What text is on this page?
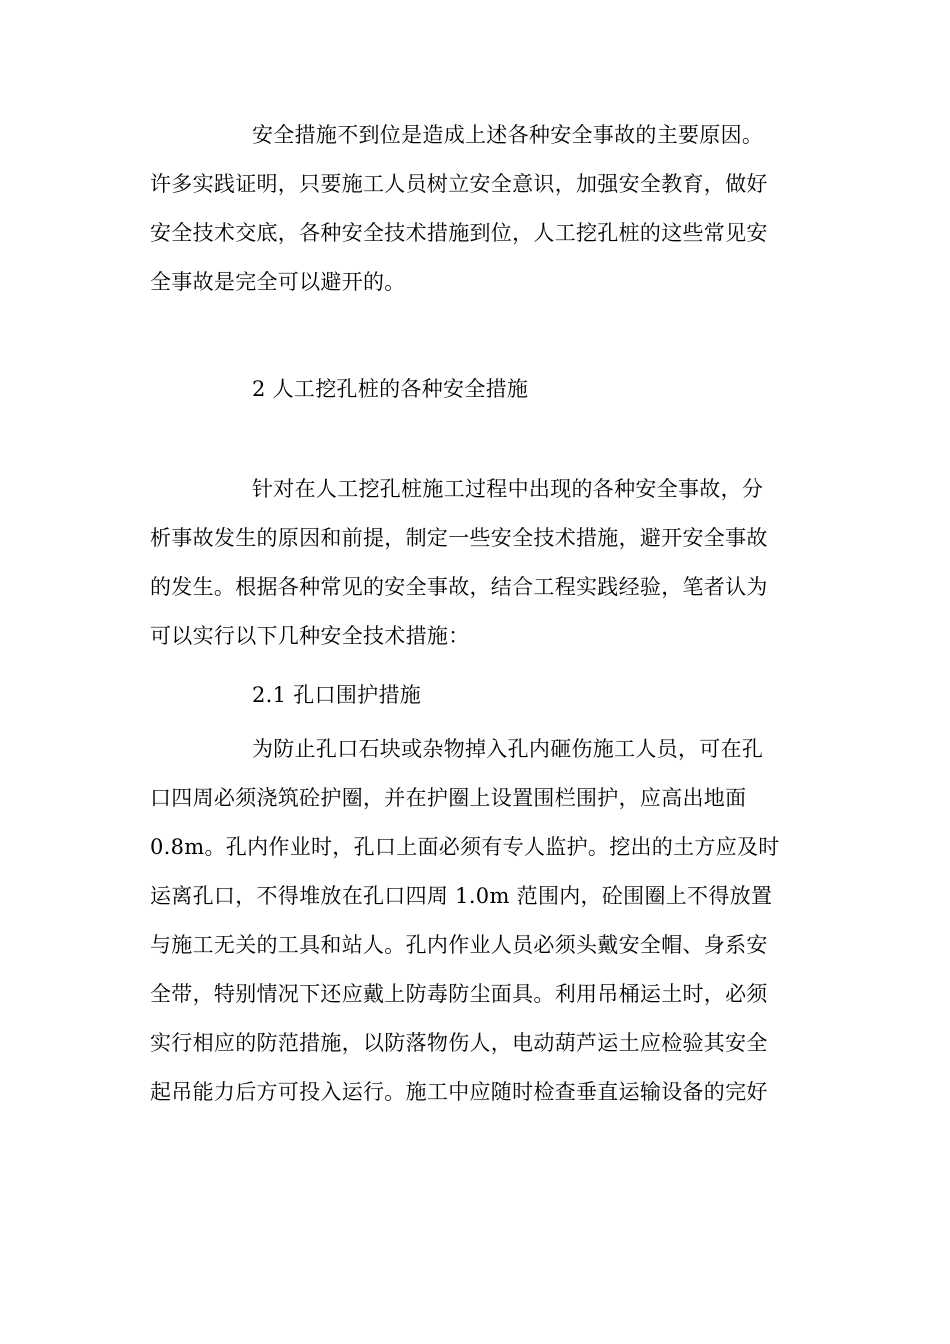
安全措施不到位是造成上述各种安全事故的主要原因。
许多实践证明，只要施工人员树立安全意识，加强安全教育，做好
安全技术交底，各种安全技术措施到位，人工挖孔桩的这些常见安
全事故是完全可以避开的。
2 人工挖孔桩的各种安全措施
针对在人工挖孔桩施工过程中出现的各种安全事故，分
析事故发生的原因和前提，制定一些安全技术措施，避开安全事故
的发生。根据各种常见的安全事故，结合工程实践经验，笔者认为
可以实行以下几种安全技术措施：
2.1 孔口围护措施
为防止孔口石块或杂物掉入孔内砸伤施工人员，可在孔
口四周必须浇筑砼护圈，并在护圈上设置围栏围护，应高出地面
0.8m。孔内作业时，孔口上面必须有专人监护。挖出的土方应及时
运离孔口，不得堆放在孔口四周 1.0m 范围内，砼围圈上不得放置
与施工无关的工具和站人。孔内作业人员必须头戴安全帽、身系安
全带，特别情况下还应戴上防毒防尘面具。利用吊桶运土时，必须
实行相应的防范措施，以防落物伤人，电动葫芦运土应检验其安全
起吊能力后方可投入运行。施工中应随时检查垂直运输设备的完好
